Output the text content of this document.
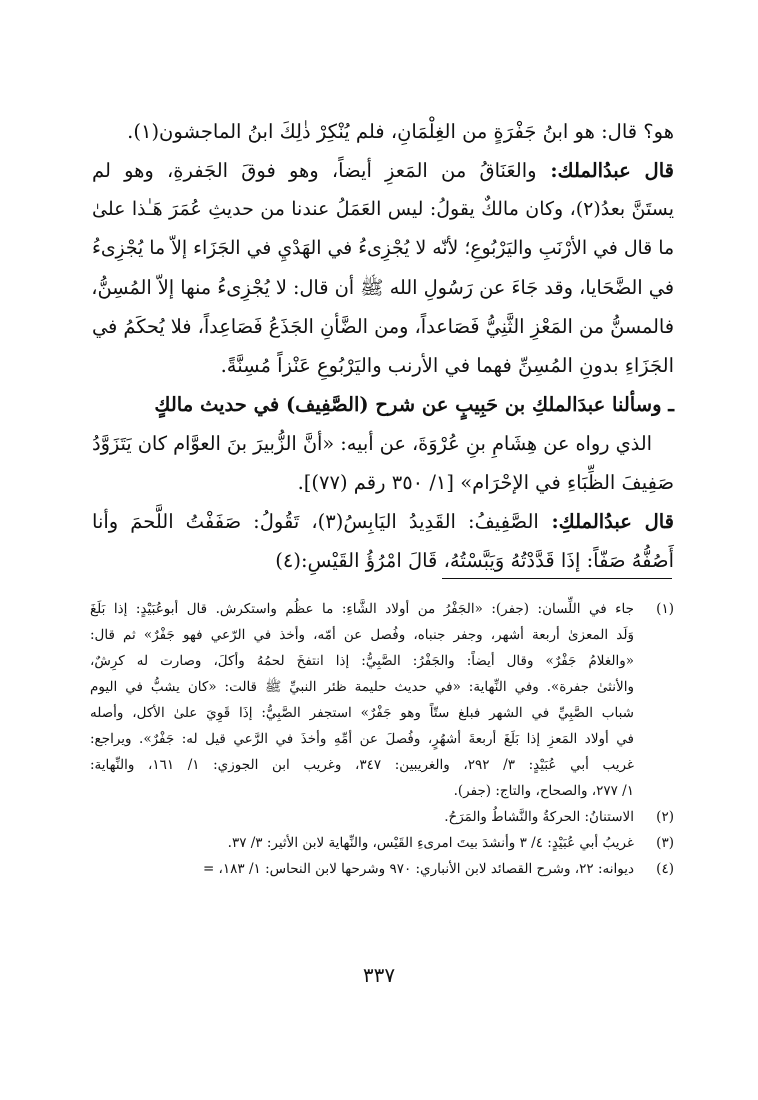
هو؟ قال: هو ابنُ جَفْرَةٍ من الغِلْمَانِ، فلم يُنْكِرْ ذٰلِكَ ابنُ الماجشون(١).
قال عبدُالملك: والعَنَاقُ من المَعزِ أيضاً، وهو فوقَ الجَفرةِ، وهو لم
يستَنَّ بعدُ(٢)، وكان مالكٌ يقولُ: ليس العَمَلُ عندنا من حديثِ عُمَرَ هَـٰذا علىٰ
ما قال في الأرْنَبِ واليَرْبُوعِ؛ لأنّه لا يُجْزِىءُ في الهَدْيِ في الجَزَاء إلاّ ما يُجْزِىءُ
في الضَّحَايا، وقد جَاءَ عن رَسُولِ الله ﷺ أن قال: لا يُجْزِىءُ منها إلاّ المُسِنُّ،
فالمسنُّ من المَعْزِ الثَّنِيُّ فَصَاعداً، ومن الضَّأنِ الجَذَعُ فَصَاعِداً، فلا يُحكَمُ في
الجَزَاءِ بدونِ المُسِنِّ فهما في الأرنب واليَرْبُوعِ عَنْزاً مُسِنَّةً.
ـ وسألنا عبدَالملكِ بن حَبِيبٍ عن شرح (الصَّفِيف) في حديث مالكٍ
الذي رواه عن هِشَامِ بنِ عُرْوَةَ، عن أبيه: «أنَّ الزُّبيرَ بنَ العوَّام كان يَتَزَوَّدُ
صَفِيفَ الظِّبَاءِ في الإحْرَام» [١/ ٣٥٠ رقم (٧٧)].
قال عبدُالملكِ: الصَّفِيفُ: القَدِيدُ اليَابِسُ(٣)، تَقُولُ: صَفَفْتُ اللَّحمَ وأنا
أَصُفُّهُ صَفّاً: إذَا قَدَّدْتُهُ وَيَبَّسْتُهُ، قَالَ امْرُؤُ القَيْسِ:(٤)
(١)
جاء في اللِّسان: (جفر): «الجَفْرُ من أولاد الشَّاءِ: ما عظُم واستكرش. قال أبوعُبَيْدٍ: إذا بَلَغَ
وَلَد المعزىٰ أربعة أشهر، وجفر جنباه، وفُصل عن أمّه، وأخذ في الرّعي فهو جَفْرٌ» ثم قال:
«والغلامُ جَفْرٌ» وقال أيضاً: والجَفْرُ: الصَّبِيُّ: إذا انتفخَ لحمُهُ وأكلَ، وصارت له كرِشٌ،
والأنثىٰ جفرة». وفي النِّهاية: «في حديث حليمة ظئر النبيِّ ﷺ قالت: «كان يشبُّ في اليوم
شباب الصَّبِيِّ في الشهر فبلغ ستّاً وهو جَفْرٌ» استجفر الصَّبِيُّ: إذَا قَوِيَ علىٰ الأكل، وأصله
في أولاد المَعزِ إذا بَلَغَ أربعةَ أشهُرٍ، وفُصلَ عن أمِّهِ وأخذَ في الرَّعي قيل له: جَفْرٌ». ويراجع:
غريب أبي عُبَيْدٍ: ٣/ ٢٩٢، والغريبين: ٣٤٧، وغريب ابن الجوزي: ١/ ١٦١، والنِّهاية:
١/ ٢٧٧، والصحاح، والتاج: (جفر).
(٢)
الاستنانُ: الحركةُ والنَّشاطُ والمَرَحُ.
(٣)
غريبُ أبي عُبَيْدٍ: ٤/ ٣ وأنشدَ بيتَ امرىءِ القَيْس، والنِّهاية لابن الأثير: ٣/ ٣٧.
(٤)
ديوانه: ٢٢، وشرح القصائد لابن الأنباري: ٩٧٠ وشرحها لابن النحاس: ١/ ١٨٣، =
٣٣٧
